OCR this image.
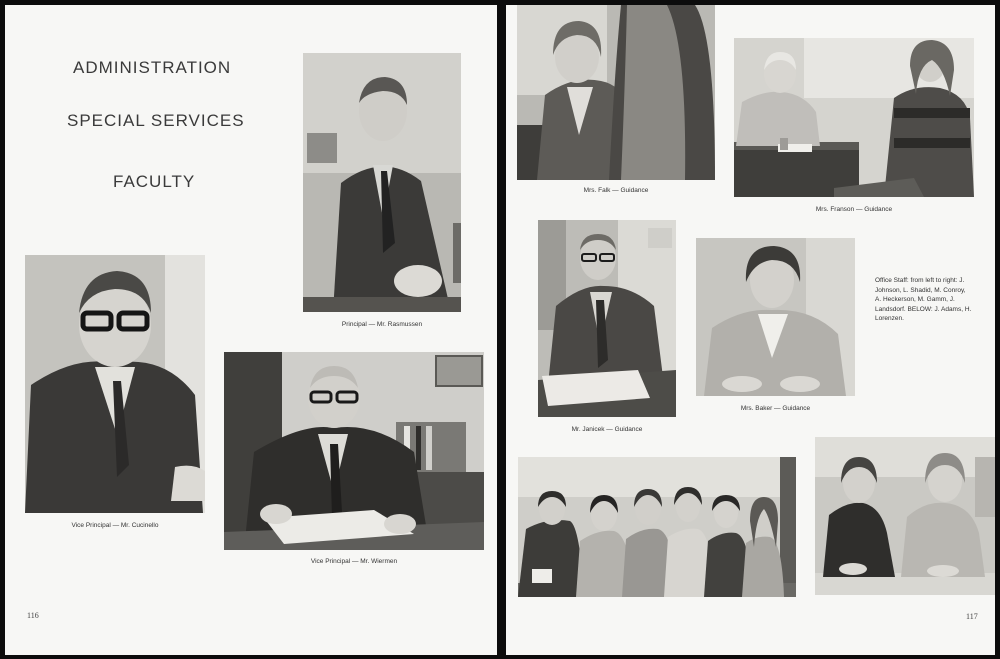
ADMINISTRATION
SPECIAL SERVICES
FACULTY
Principal — Mr. Rasmussen
Vice Principal — Mr. Cucinello
Vice Principal — Mr. Wiermen
116
Mrs. Falk — Guidance
Mrs. Franson — Guidance
Mr. Janicek — Guidance
Mrs. Baker — Guidance
Office Staff: from left to right: J.
Johnson, L. Shadid, M. Conroy,
A. Heckerson, M. Gamm, J.
Landsdorf. BELOW: J. Adams, H.
Lorenzen.
117
